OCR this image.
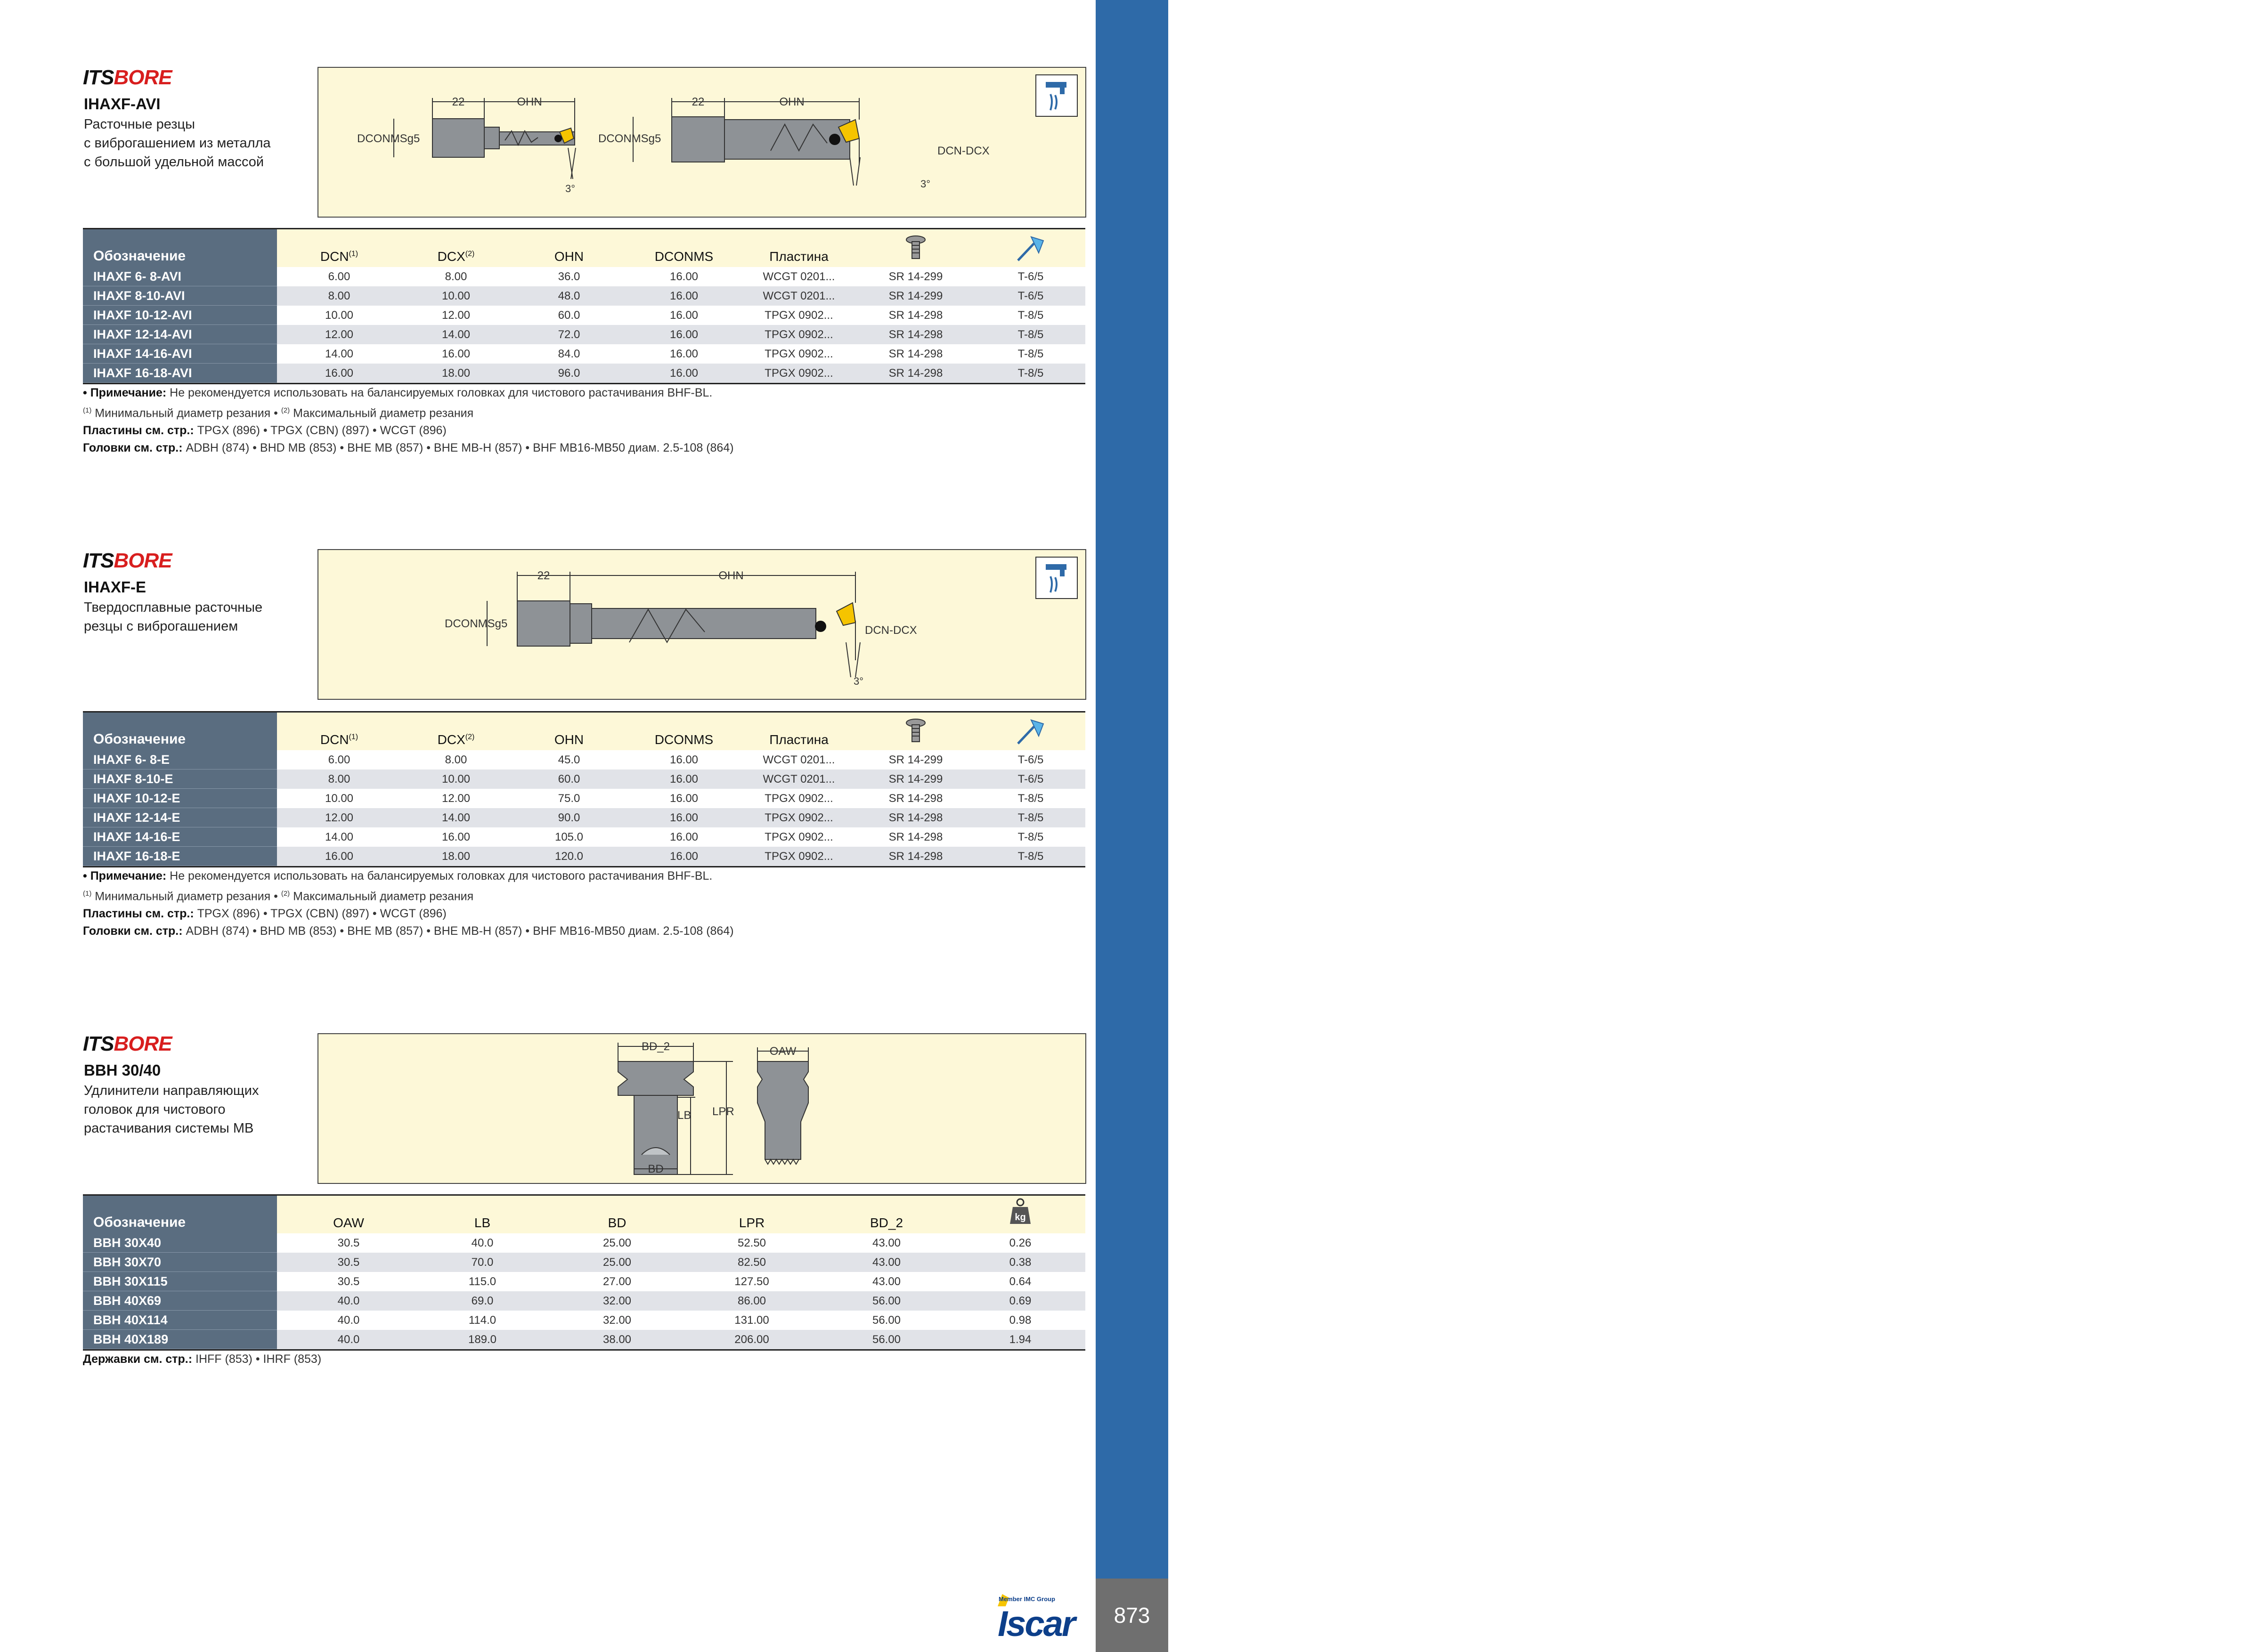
МОДУЛЬНАЯ РАСТОЧНАЯ СИСТЕМА ITS BORE
873
Member IMC Group
Iscar
ITSBORE
IHAXF-AVI
Расточные резцы
с виброгашением из металла
с большой удельной массой
22	OHN
DCONMSg5
3°
22	OHN
DCONMSg5
DCN-DCX
3°
Обозначение	DCN$^{(1)}$	DCX$^{(2)}$	OHN	DCONMS	Пластина
IHAXF 6- 8-AVI	6.00	8.00	36.0	16.00	WCGT 0201...	SR 14-299	T-6/5
IHAXF 8-10-AVI	8.00	10.00	48.0	16.00	WCGT 0201...	SR 14-299	T-6/5
IHAXF 10-12-AVI	10.00	12.00	60.0	16.00	TPGX 0902...	SR 14-298	T-8/5
IHAXF 12-14-AVI	12.00	14.00	72.0	16.00	TPGX 0902...	SR 14-298	T-8/5
IHAXF 14-16-AVI	14.00	16.00	84.0	16.00	TPGX 0902...	SR 14-298	T-8/5
IHAXF 16-18-AVI	16.00	18.00	96.0	16.00	TPGX 0902...	SR 14-298	T-8/5
• Примечание: Не рекомендуется использовать на балансируемых головках для чистового растачивания BHF-BL.
$^{(1)}$ Минимальный диаметр резания • $^{(2)}$ Максимальный диаметр резания
Пластины см. стр.: TPGX (896) • TPGX (CBN) (897) • WCGT (896)
Головки см. стр.: ADBH (874) • BHD MB (853) • BHE MB (857) • BHE MB-H (857) • BHF MB16-MB50 диам. 2.5-108 (864)
ITSBORE
IHAXF-E
Твердосплавные расточные
резцы с виброгашением
22	OHN
DCONMSg5
DCN-DCX
3°
Обозначение	DCN$^{(1)}$	DCX$^{(2)}$	OHN	DCONMS	Пластина
IHAXF 6- 8-E	6.00	8.00	45.0	16.00	WCGT 0201...	SR 14-299	T-6/5
IHAXF 8-10-E	8.00	10.00	60.0	16.00	WCGT 0201...	SR 14-299	T-6/5
IHAXF 10-12-E	10.00	12.00	75.0	16.00	TPGX 0902...	SR 14-298	T-8/5
IHAXF 12-14-E	12.00	14.00	90.0	16.00	TPGX 0902...	SR 14-298	T-8/5
IHAXF 14-16-E	14.00	16.00	105.0	16.00	TPGX 0902...	SR 14-298	T-8/5
IHAXF 16-18-E	16.00	18.00	120.0	16.00	TPGX 0902...	SR 14-298	T-8/5
• Примечание: Не рекомендуется использовать на балансируемых головках для чистового растачивания BHF-BL.
$^{(1)}$ Минимальный диаметр резания • $^{(2)}$ Максимальный диаметр резания
Пластины см. стр.: TPGX (896) • TPGX (CBN) (897) • WCGT (896)
Головки см. стр.: ADBH (874) • BHD MB (853) • BHE MB (857) • BHE MB-H (857) • BHF MB16-MB50 диам. 2.5-108 (864)
ITSBORE
BBH 30/40
Удлинители направляющих
головок для чистового
растачивания системы MB
BD_2	OAW
LB LPR
BD
Обозначение	OAW	LB	BD	LPR	BD_2	kg
BBH 30X40	30.5	40.0	25.00	52.50	43.00	0.26
BBH 30X70	30.5	70.0	25.00	82.50	43.00	0.38
BBH 30X115	30.5	115.0	27.00	127.50	43.00	0.64
BBH 40X69	40.0	69.0	32.00	86.00	56.00	0.69
BBH 40X114	40.0	114.0	32.00	131.00	56.00	0.98
BBH 40X189	40.0	189.0	38.00	206.00	56.00	1.94
Державки см. стр.: IHFF (853) • IHRF (853)
